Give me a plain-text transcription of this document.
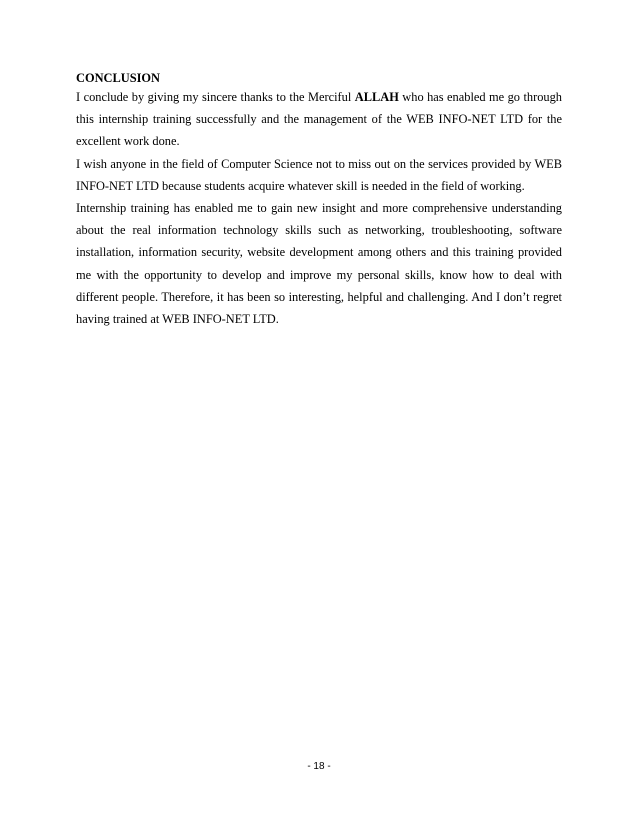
CONCLUSION

I conclude by giving my sincere thanks to the Merciful ALLAH who has enabled me go through this internship training successfully and the management of the WEB INFO-NET LTD for the excellent work done.

I wish anyone in the field of Computer Science not to miss out on the services provided by WEB INFO-NET LTD because students acquire whatever skill is needed in the field of working.

Internship training has enabled me to gain new insight and more comprehensive understanding about the real information technology skills such as networking, troubleshooting, software installation, information security, website development among others and this training provided me with the opportunity to develop and improve my personal skills, know how to deal with different people. Therefore, it has been so interesting, helpful and challenging. And I don’t regret having trained at WEB INFO-NET LTD.

- 18 -
